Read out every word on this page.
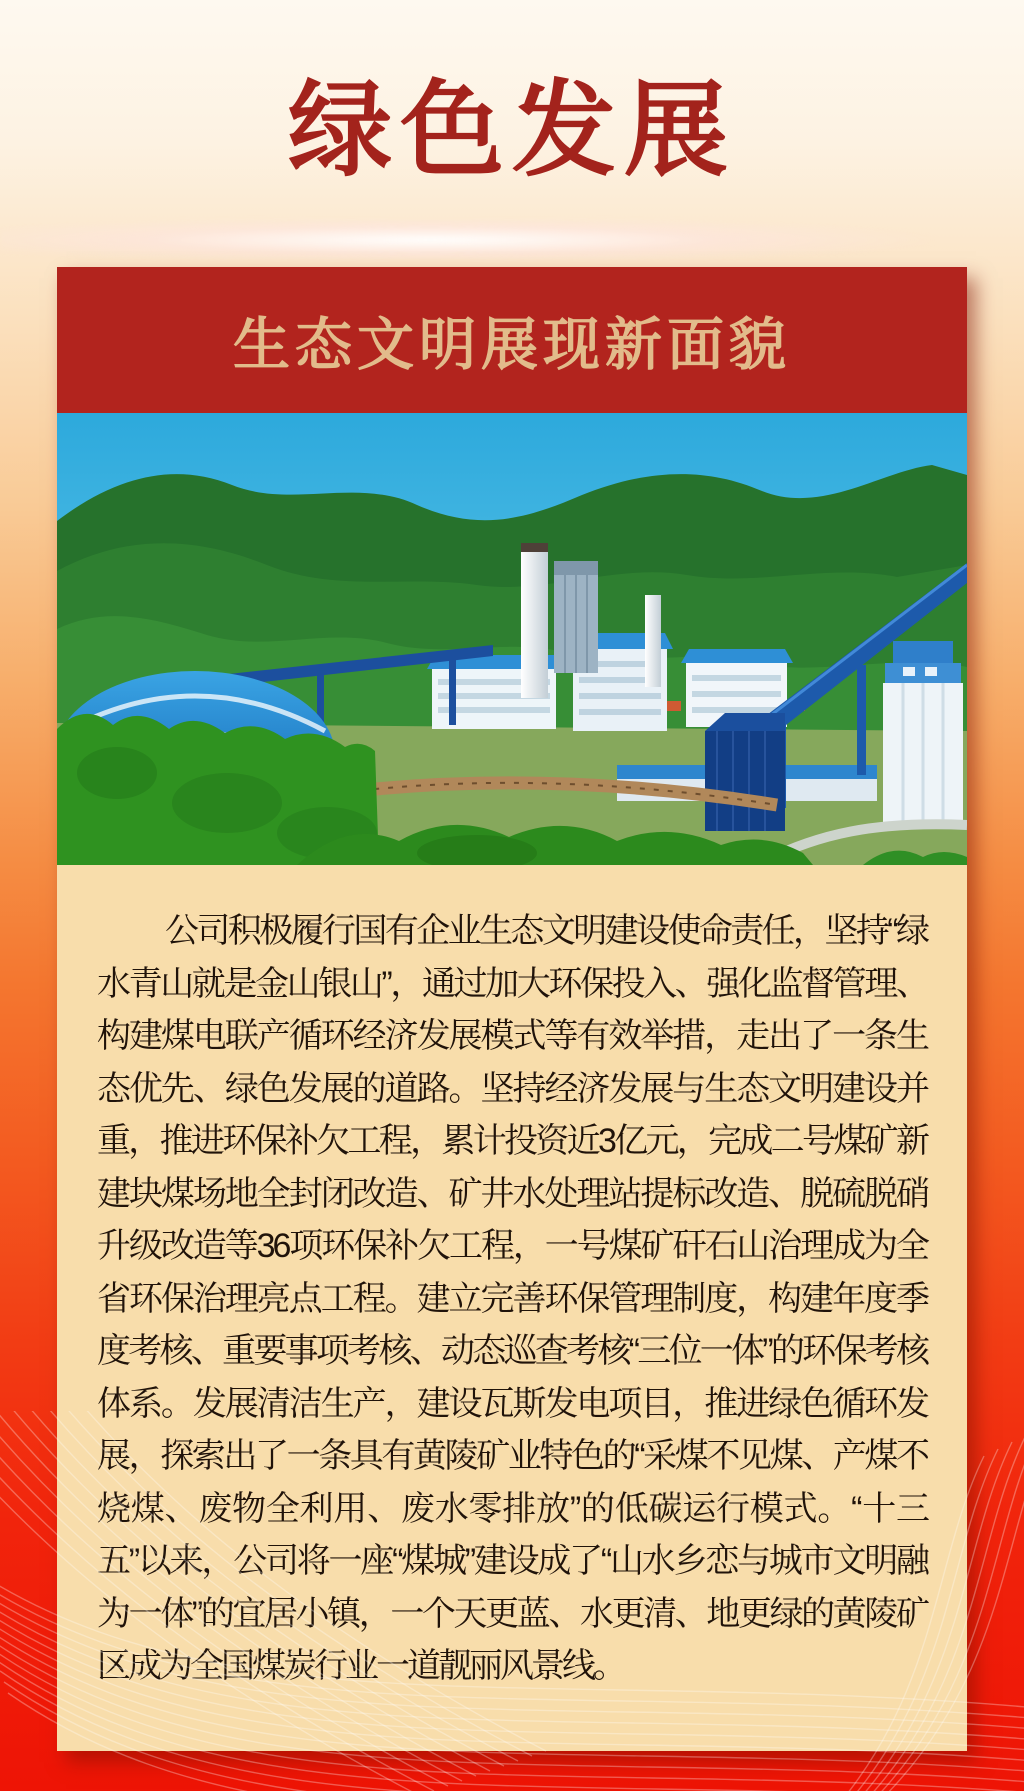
绿色发展
生态文明展现新面貌

公司积极履行国有企业生态文明建设使命责任，坚持“绿水青山就是金山银山”，通过加大环保投入、强化监督管理、构建煤电联产循环经济发展模式等有效举措，走出了一条生态优先、绿色发展的道路。坚持经济发展与生态文明建设并重，推进环保补欠工程，累计投资近3亿元，完成二号煤矿新建块煤场地全封闭改造、矿井水处理站提标改造、脱硫脱硝升级改造等36项环保补欠工程，一号煤矿矸石山治理成为全省环保治理亮点工程。建立完善环保管理制度，构建年度季度考核、重要事项考核、动态巡查考核“三位一体”的环保考核体系。发展清洁生产，建设瓦斯发电项目，推进绿色循环发展，探索出了一条具有黄陵矿业特色的“采煤不见煤、产煤不烧煤、废物全利用、废水零排放”的低碳运行模式。“十三五”以来，公司将一座“煤城”建设成了“山水乡恋与城市文明融为一体”的宜居小镇，一个天更蓝、水更清、地更绿的黄陵矿区成为全国煤炭行业一道靓丽风景线。
